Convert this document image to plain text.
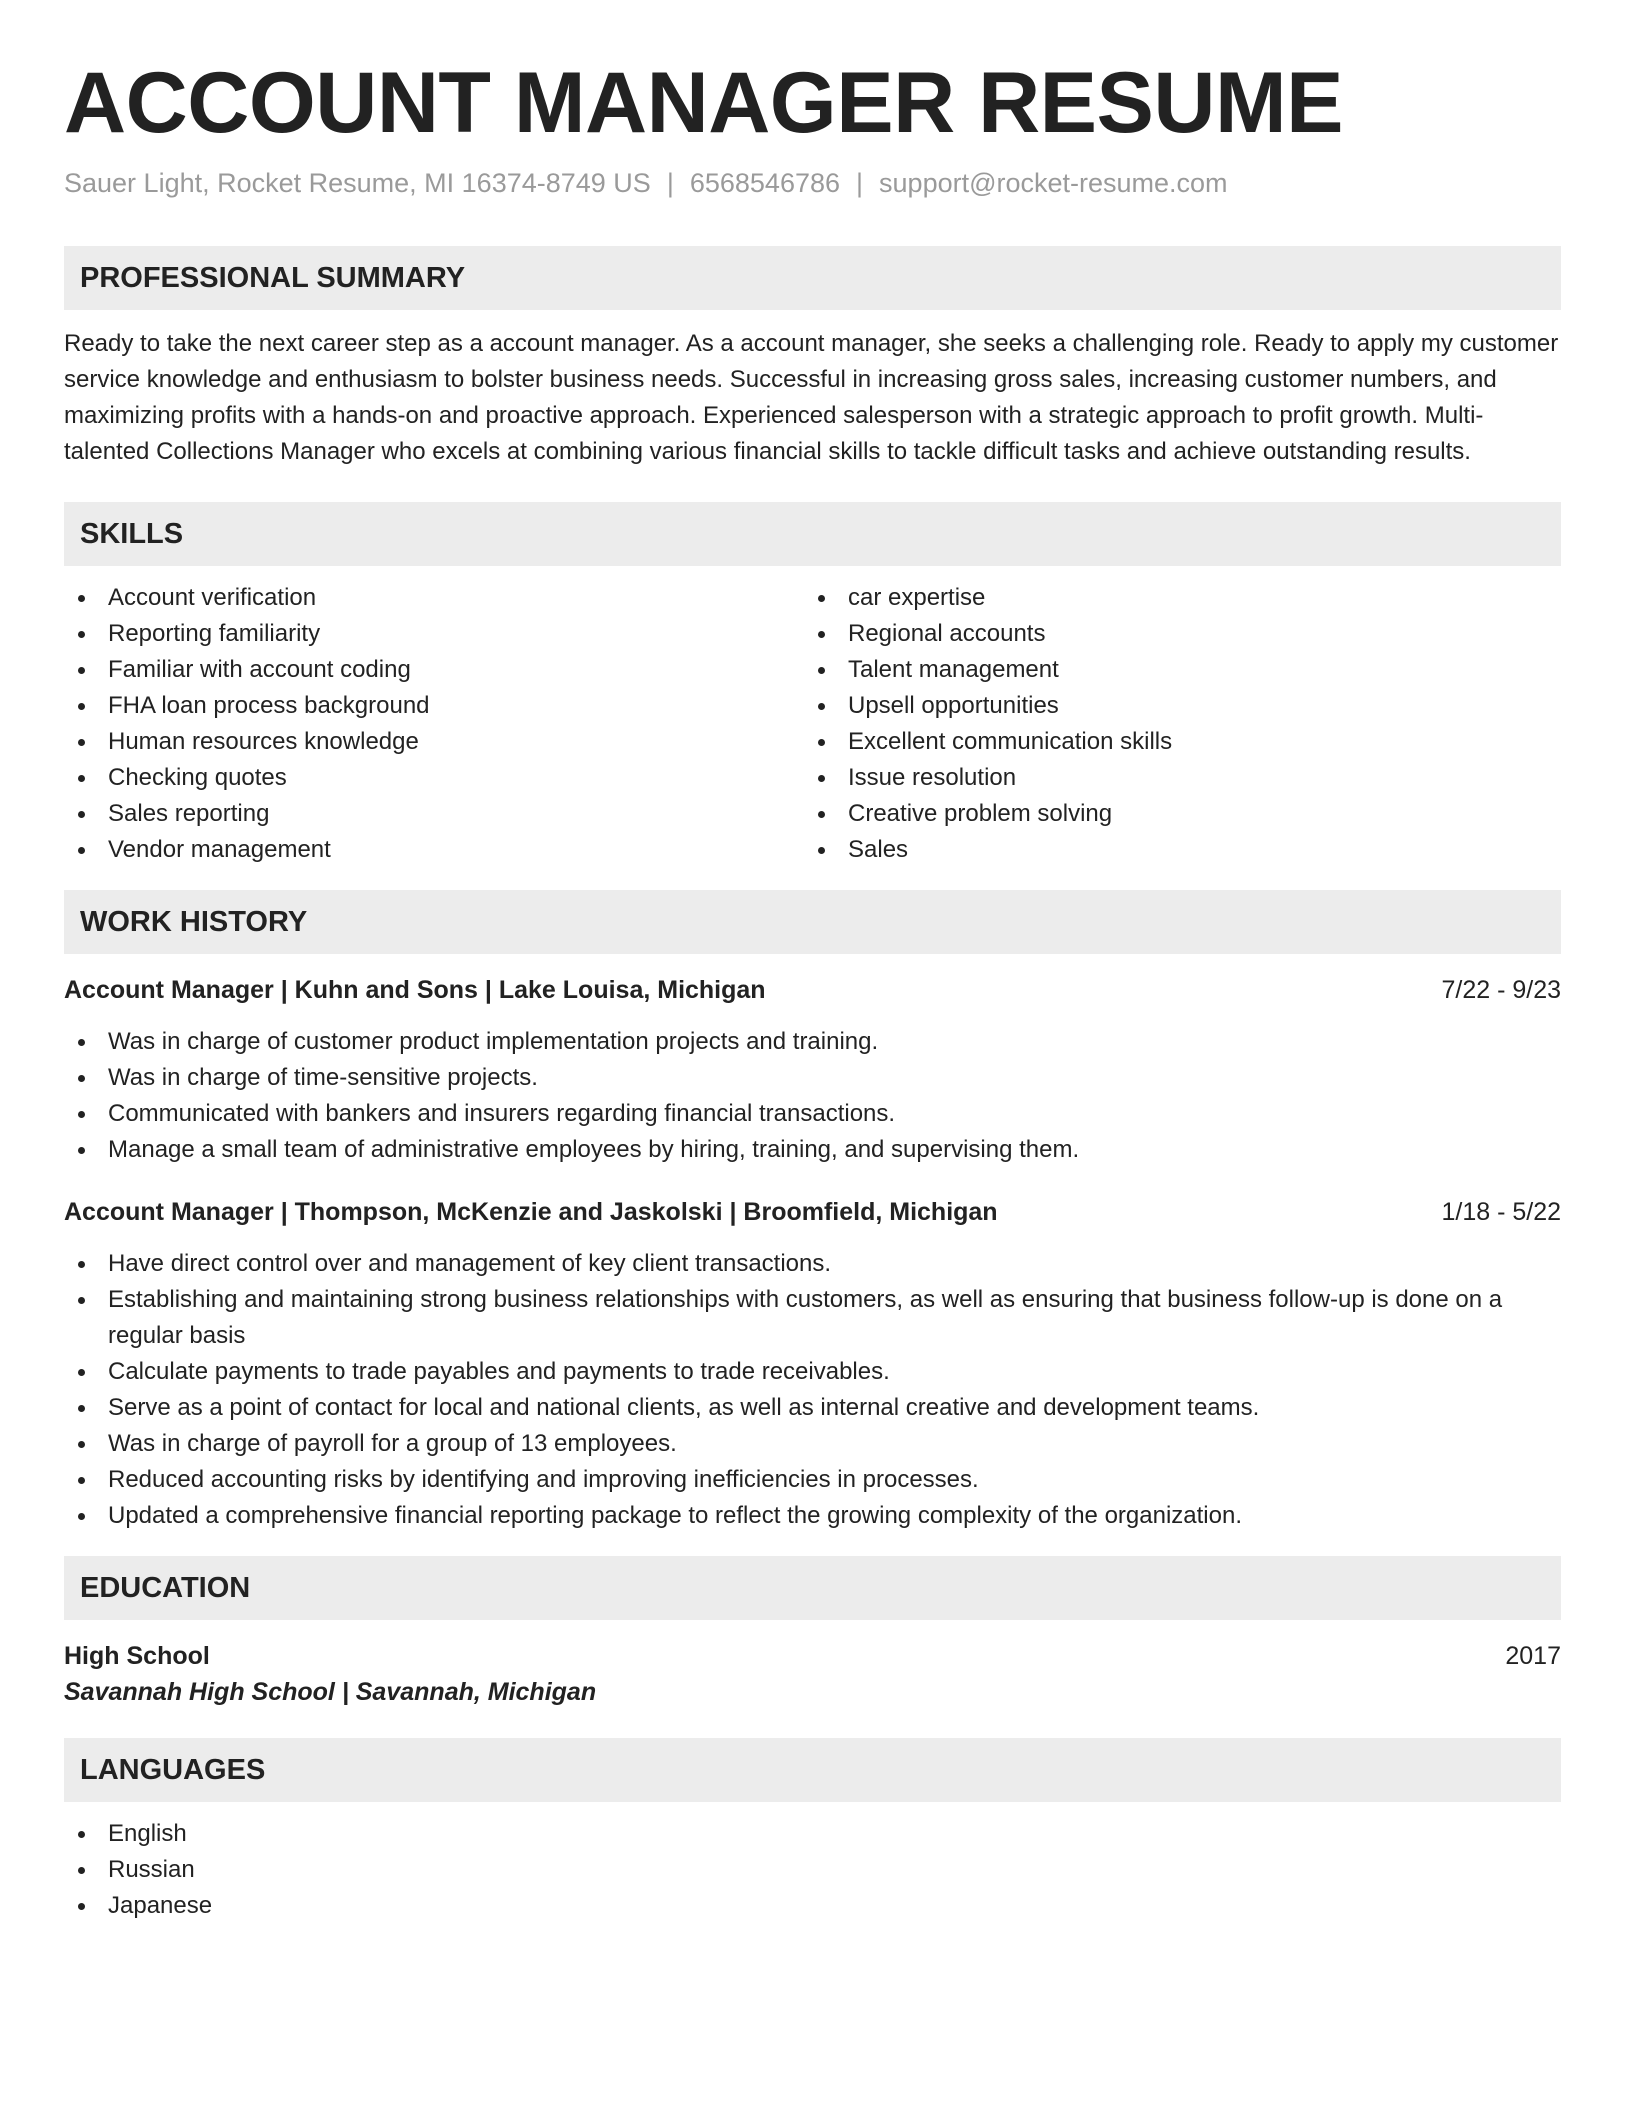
ACCOUNT MANAGER RESUME
Sauer Light, Rocket Resume, MI 16374-8749 US | 6568546786 | support@rocket-resume.com
PROFESSIONAL SUMMARY
Ready to take the next career step as a account manager. As a account manager, she seeks a challenging role. Ready to apply my customer service knowledge and enthusiasm to bolster business needs. Successful in increasing gross sales, increasing customer numbers, and maximizing profits with a hands-on and proactive approach. Experienced salesperson with a strategic approach to profit growth. Multi-talented Collections Manager who excels at combining various financial skills to tackle difficult tasks and achieve outstanding results.
SKILLS
Account verification
Reporting familiarity
Familiar with account coding
FHA loan process background
Human resources knowledge
Checking quotes
Sales reporting
Vendor management
car expertise
Regional accounts
Talent management
Upsell opportunities
Excellent communication skills
Issue resolution
Creative problem solving
Sales
WORK HISTORY
Account Manager | Kuhn and Sons | Lake Louisa, Michigan	7/22 - 9/23
Was in charge of customer product implementation projects and training.
Was in charge of time-sensitive projects.
Communicated with bankers and insurers regarding financial transactions.
Manage a small team of administrative employees by hiring, training, and supervising them.
Account Manager | Thompson, McKenzie and Jaskolski | Broomfield, Michigan	1/18 - 5/22
Have direct control over and management of key client transactions.
Establishing and maintaining strong business relationships with customers, as well as ensuring that business follow-up is done on a regular basis
Calculate payments to trade payables and payments to trade receivables.
Serve as a point of contact for local and national clients, as well as internal creative and development teams.
Was in charge of payroll for a group of 13 employees.
Reduced accounting risks by identifying and improving inefficiencies in processes.
Updated a comprehensive financial reporting package to reflect the growing complexity of the organization.
EDUCATION
High School	2017
Savannah High School | Savannah, Michigan
LANGUAGES
English
Russian
Japanese
